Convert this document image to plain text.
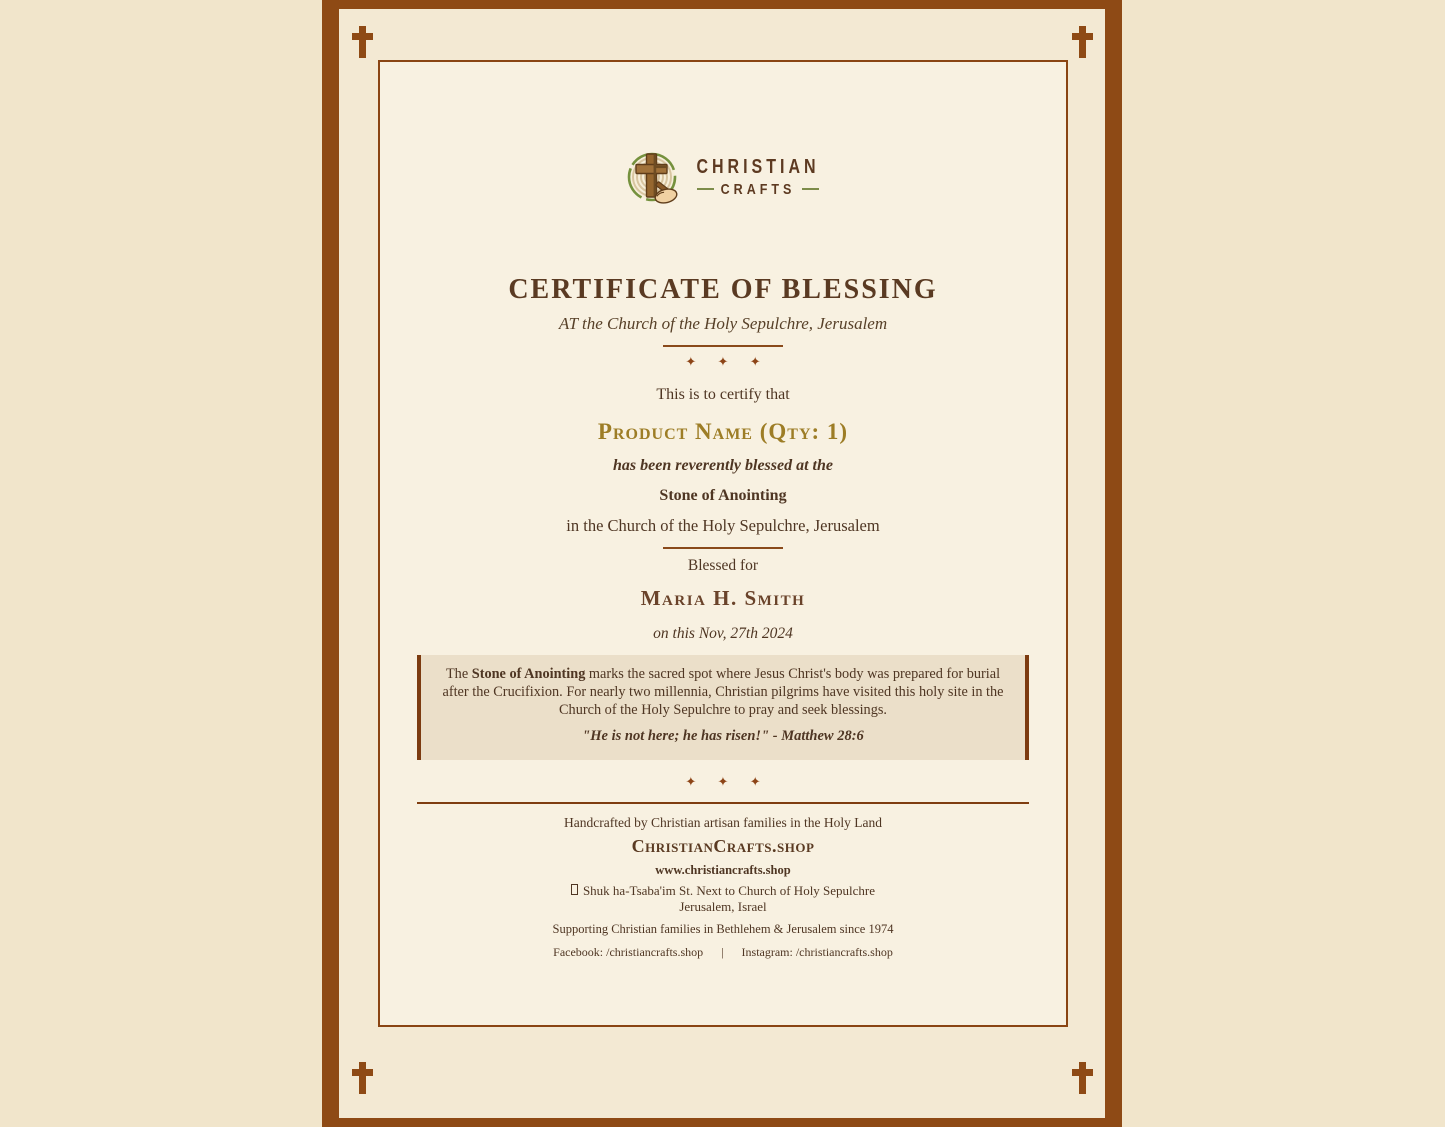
CHRISTIAN
CRAFTS
CERTIFICATE OF BLESSING
AT the Church of the Holy Sepulchre, Jerusalem
✦ ✦ ✦
This is to certify that
Product Name (Qty: 1)
has been reverently blessed at the
Stone of Anointing
in the Church of the Holy Sepulchre, Jerusalem
Blessed for
Maria H. Smith
on this Nov, 27th 2024
The Stone of Anointing marks the sacred spot where Jesus Christ's body was prepared for burial after the Crucifixion. For nearly two millennia, Christian pilgrims have visited this holy site in the Church of the Holy Sepulchre to pray and seek blessings.
"He is not here; he has risen!" - Matthew 28:6
✦ ✦ ✦
Handcrafted by Christian artisan families in the Holy Land
ChristianCrafts.shop
www.christiancrafts.shop
Shuk ha-Tsaba'im St. Next to Church of Holy Sepulchre
Jerusalem, Israel
Supporting Christian families in Bethlehem & Jerusalem since 1974
Facebook: /christiancrafts.shop | Instagram: /christiancrafts.shop
